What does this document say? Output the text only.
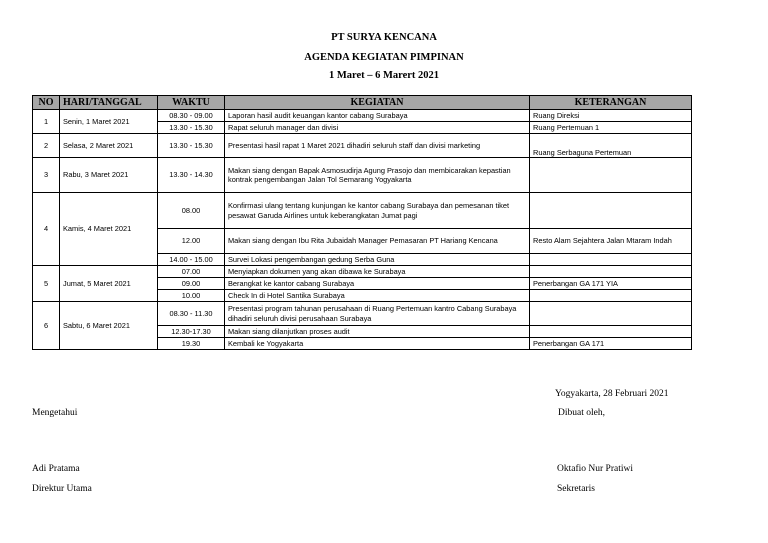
PT SURYA KENCANA
AGENDA KEGIATAN PIMPINAN
1 Maret – 6 Marert 2021
NO	HARI/TANGGAL	WAKTU	KEGIATAN	KETERANGAN
1	Senin, 1 Maret 2021	08.30 - 09.00	Laporan hasil audit keuangan kantor cabang Surabaya	Ruang Direksi
		13.30 - 15.30	Rapat seluruh manager dan divisi	Ruang Pertemuan 1
2	Selasa, 2 Maret 2021	13.30 - 15.30	Presentasi hasil rapat 1 Maret 2021 dihadiri seluruh staff dan divisi marketing	Ruang Serbaguna Pertemuan
3	Rabu, 3 Maret 2021	13.30 - 14.30	Makan siang dengan Bapak Asmosudirja Agung Prasojo dan membicarakan kepastian kontrak pengembangan Jalan Tol Semarang Yogyakarta	
4	Kamis, 4 Maret 2021	08.00	Konfirmasi ulang tentang kunjungan ke kantor cabang Surabaya dan pemesanan tiket pesawat Garuda Airlines untuk keberangkatan Jumat pagi	
		12.00	Makan siang dengan Ibu Rita Jubaidah Manager Pemasaran PT Hariang Kencana	Resto Alam Sejahtera Jalan Mtaram Indah
		14.00 - 15.00	Survei Lokasi pengembangan gedung Serba Guna	
5	Jumat, 5 Maret 2021	07.00	Menyiapkan dokumen yang akan dibawa ke Surabaya	
		09.00	Berangkat ke kantor cabang Surabaya	Penerbangan GA 171 YIA
		10.00	Check In di Hotel Santika Surabaya	
6	Sabtu, 6 Maret 2021	08.30 - 11.30	Presentasi program tahunan perusahaan di Ruang Pertemuan kantro Cabang Surabaya dihadiri seluruh divisi perusahaan Surabaya	
		12.30-17.30	Makan siang dilanjutkan proses audit	
		19.30	Kembali ke Yogyakarta	Penerbangan GA 171
Yogyakarta, 28 Februari 2021
Mengetahui	Dibuat oleh,
Adi Pratama
Direktur Utama
Oktafio Nur Pratiwi
Sekretaris
